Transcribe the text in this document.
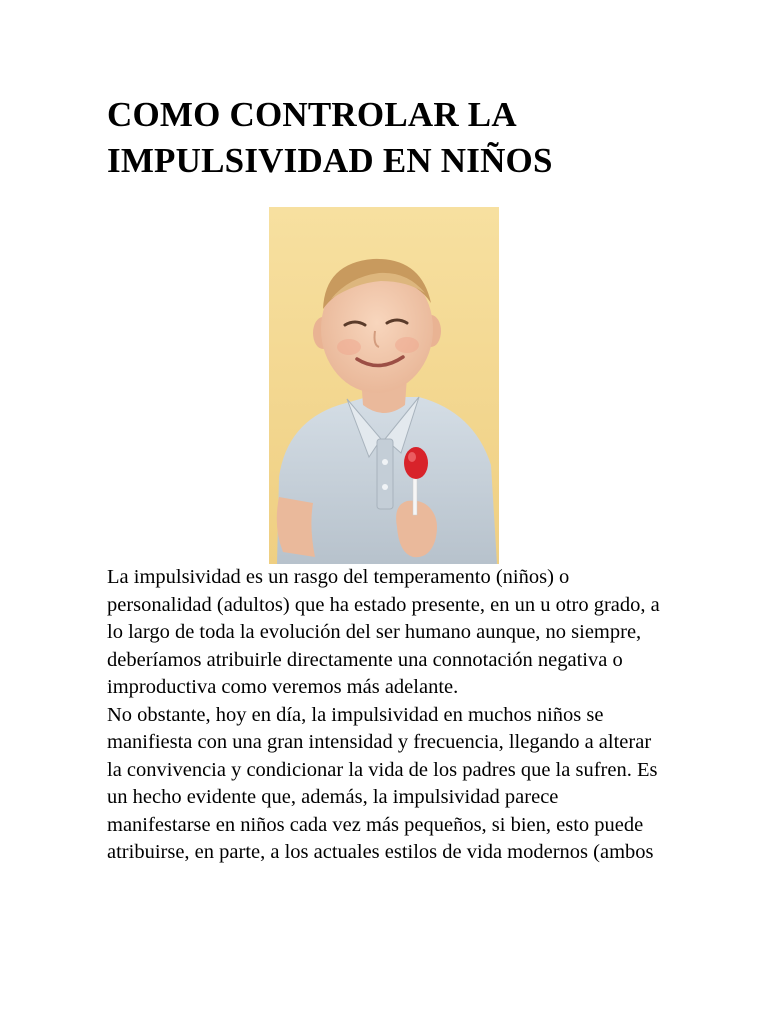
COMO CONTROLAR LA
IMPULSIVIDAD EN NIÑOS

La impulsividad es un rasgo del temperamento (niños) o personalidad (adultos) que ha estado presente, en un u otro grado, a lo largo de toda la evolución del ser humano aunque, no siempre, deberíamos atribuirle directamente una connotación negativa o improductiva como veremos más adelante.

No obstante, hoy en día, la impulsividad en muchos niños se manifiesta con una gran intensidad y frecuencia, llegando a alterar la convivencia y condicionar la vida de los padres que la sufren. Es un hecho evidente que, además, la impulsividad parece manifestarse en niños cada vez más pequeños, si bien, esto puede atribuirse, en parte, a los actuales estilos de vida modernos (ambos
